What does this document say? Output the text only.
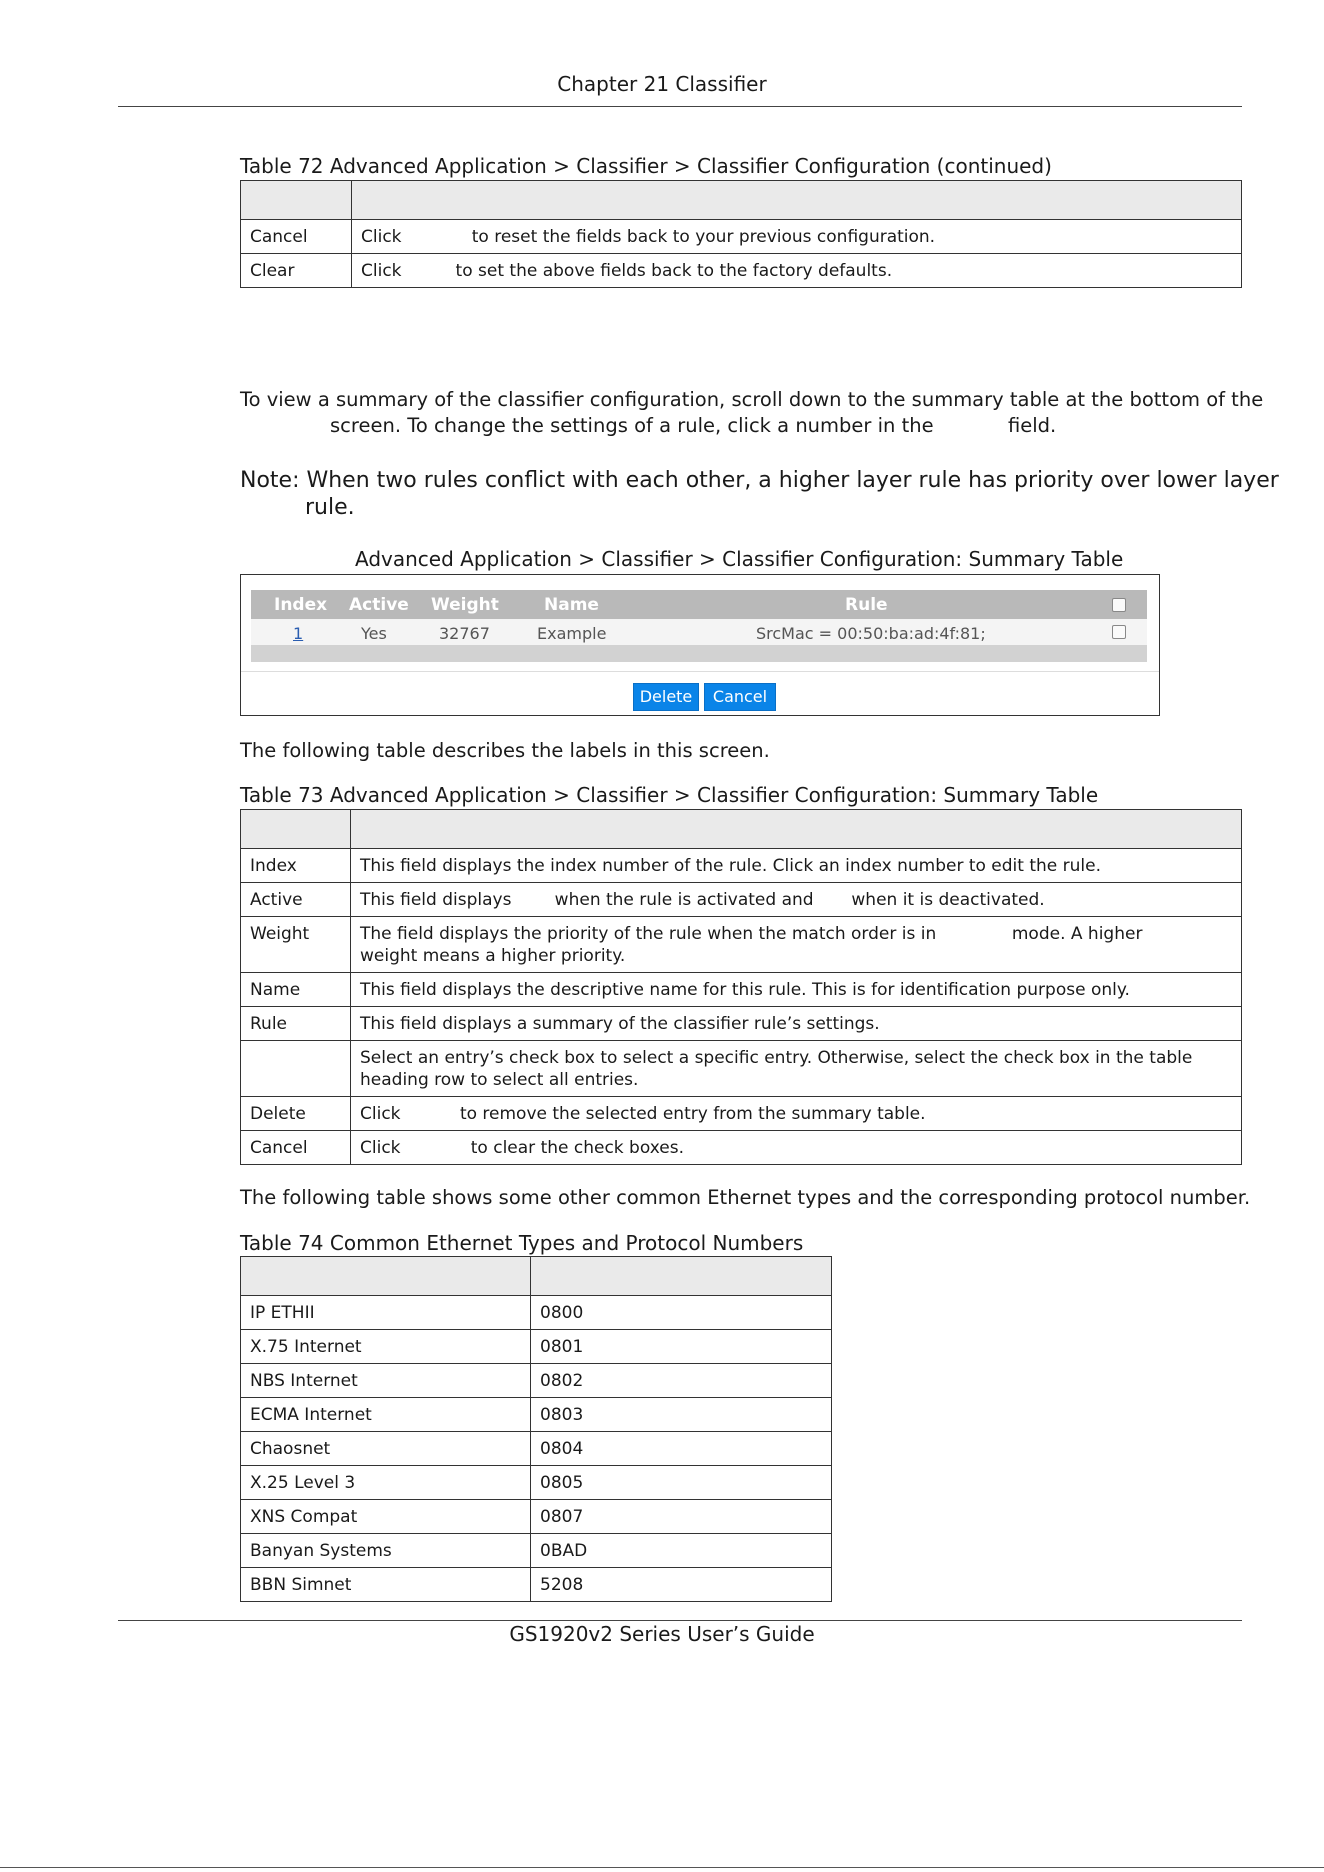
Chapter 21 Classifier
Table 72 Advanced Application > Classifier > Classifier Configuration (continued)

Cancel	Click             to reset the fields back to your previous configuration.
Clear	Click          to set the above fields back to the factory defaults.
To view a summary of the classifier configuration, scroll down to the summary table at the bottom of the
screen. To change the settings of a rule, click a number in the            field.
Note: When two rules conflict with each other, a higher layer rule has priority over lower layer
rule.
Advanced Application > Classifier > Classifier Configuration: Summary Table
Index Active Weight	Name	Rule
1	Yes	32767	Example	SrcMac = 00:50:ba:ad:4f:81;
Delete	Cancel
The following table describes the labels in this screen.
Table 73 Advanced Application > Classifier > Classifier Configuration: Summary Table

Index	This field displays the index number of the rule. Click an index number to edit the rule.
Active	This field displays        when the rule is activated and       when it is deactivated.
Weight	The field displays the priority of the rule when the match order is in              mode. A higher weight means a higher priority.
Name	This field displays the descriptive name for this rule. This is for identification purpose only.
Rule	This field displays a summary of the classifier rule’s settings.
	Select an entry’s check box to select a specific entry. Otherwise, select the check box in the table heading row to select all entries.
Delete	Click           to remove the selected entry from the summary table.
Cancel	Click             to clear the check boxes.
The following table shows some other common Ethernet types and the corresponding protocol number.
Table 74 Common Ethernet Types and Protocol Numbers

IP ETHII	0800
X.75 Internet	0801
NBS Internet	0802
ECMA Internet	0803
Chaosnet	0804
X.25 Level 3	0805
XNS Compat	0807
Banyan Systems	0BAD
BBN Simnet	5208
GS1920v2 Series User’s Guide
